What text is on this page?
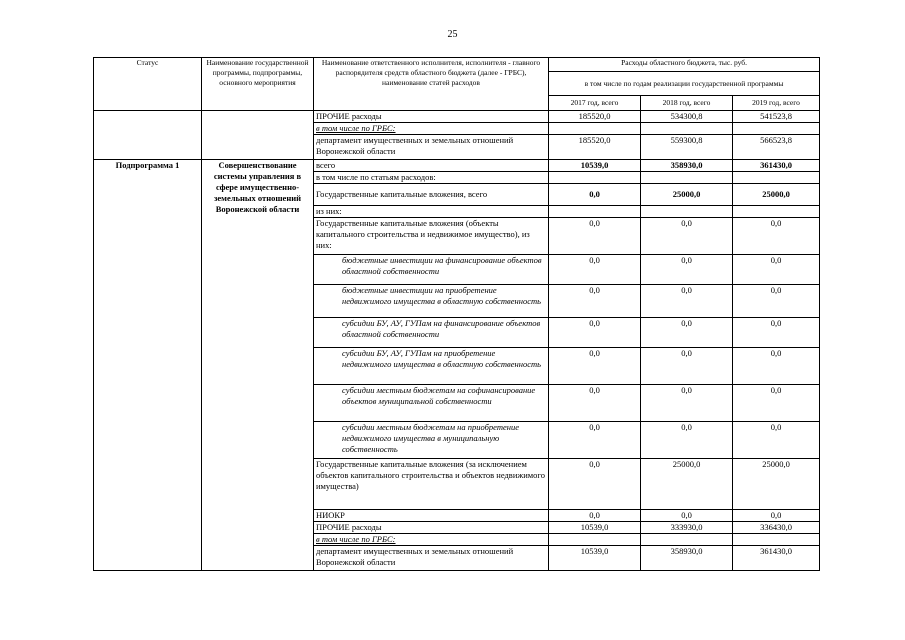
25
Статус	Наименование государственной программы, подпрограммы, основного мероприятия	Наименование ответственного исполнителя, исполнителя - главного распорядителя средств областного бюджета (далее - ГРБС), наименование статей расходов	Расходы областного бюджета, тыс. руб.		
			в том числе по годам реализации государственной программы		
			2017 год, всего	2018 год, всего	2019 год, всего
		ПРОЧИЕ расходы	185520,0	534300,8	541523,8
		в том числе по ГРБС:			
		департамент имущественных и земельных отношений Воронежской области	185520,0	559300,8	566523,8
Подпрограмма 1	Совершенствование системы управления в сфере имущественно-земельных отношений Воронежской области	всего	10539,0	358930,0	361430,0
		в том числе по статьям расходов:			
		Государственные капитальные вложения, всего	0,0	25000,0	25000,0
		из них:			
		Государственные капитальные вложения (объекты капитального строительства и недвижимое имущество), из них:	0,0	0,0	0,0
		бюджетные инвестиции на финансирование объектов областной собственности	0,0	0,0	0,0
		бюджетные инвестиции на приобретение недвижимого имущества в областную собственность	0,0	0,0	0,0
		субсидии БУ, АУ, ГУПам на финансирование объектов областной собственности	0,0	0,0	0,0
		субсидии БУ, АУ, ГУПам на приобретение недвижимого имущества в областную собственность	0,0	0,0	0,0
		субсидии местным бюджетам на софинансирование объектов муниципальной собственности	0,0	0,0	0,0
		субсидии местным бюджетам на приобретение недвижимого имущества в муниципальную собственность	0,0	0,0	0,0
		Государственные капитальные вложения (за исключением объектов капитального строительства и объектов недвижимого имущества)	0,0	25000,0	25000,0
		НИОКР	0,0	0,0	0,0
		ПРОЧИЕ расходы	10539,0	333930,0	336430,0
		в том числе по ГРБС:			
		департамент имущественных и земельных отношений Воронежской области	10539,0	358930,0	361430,0
